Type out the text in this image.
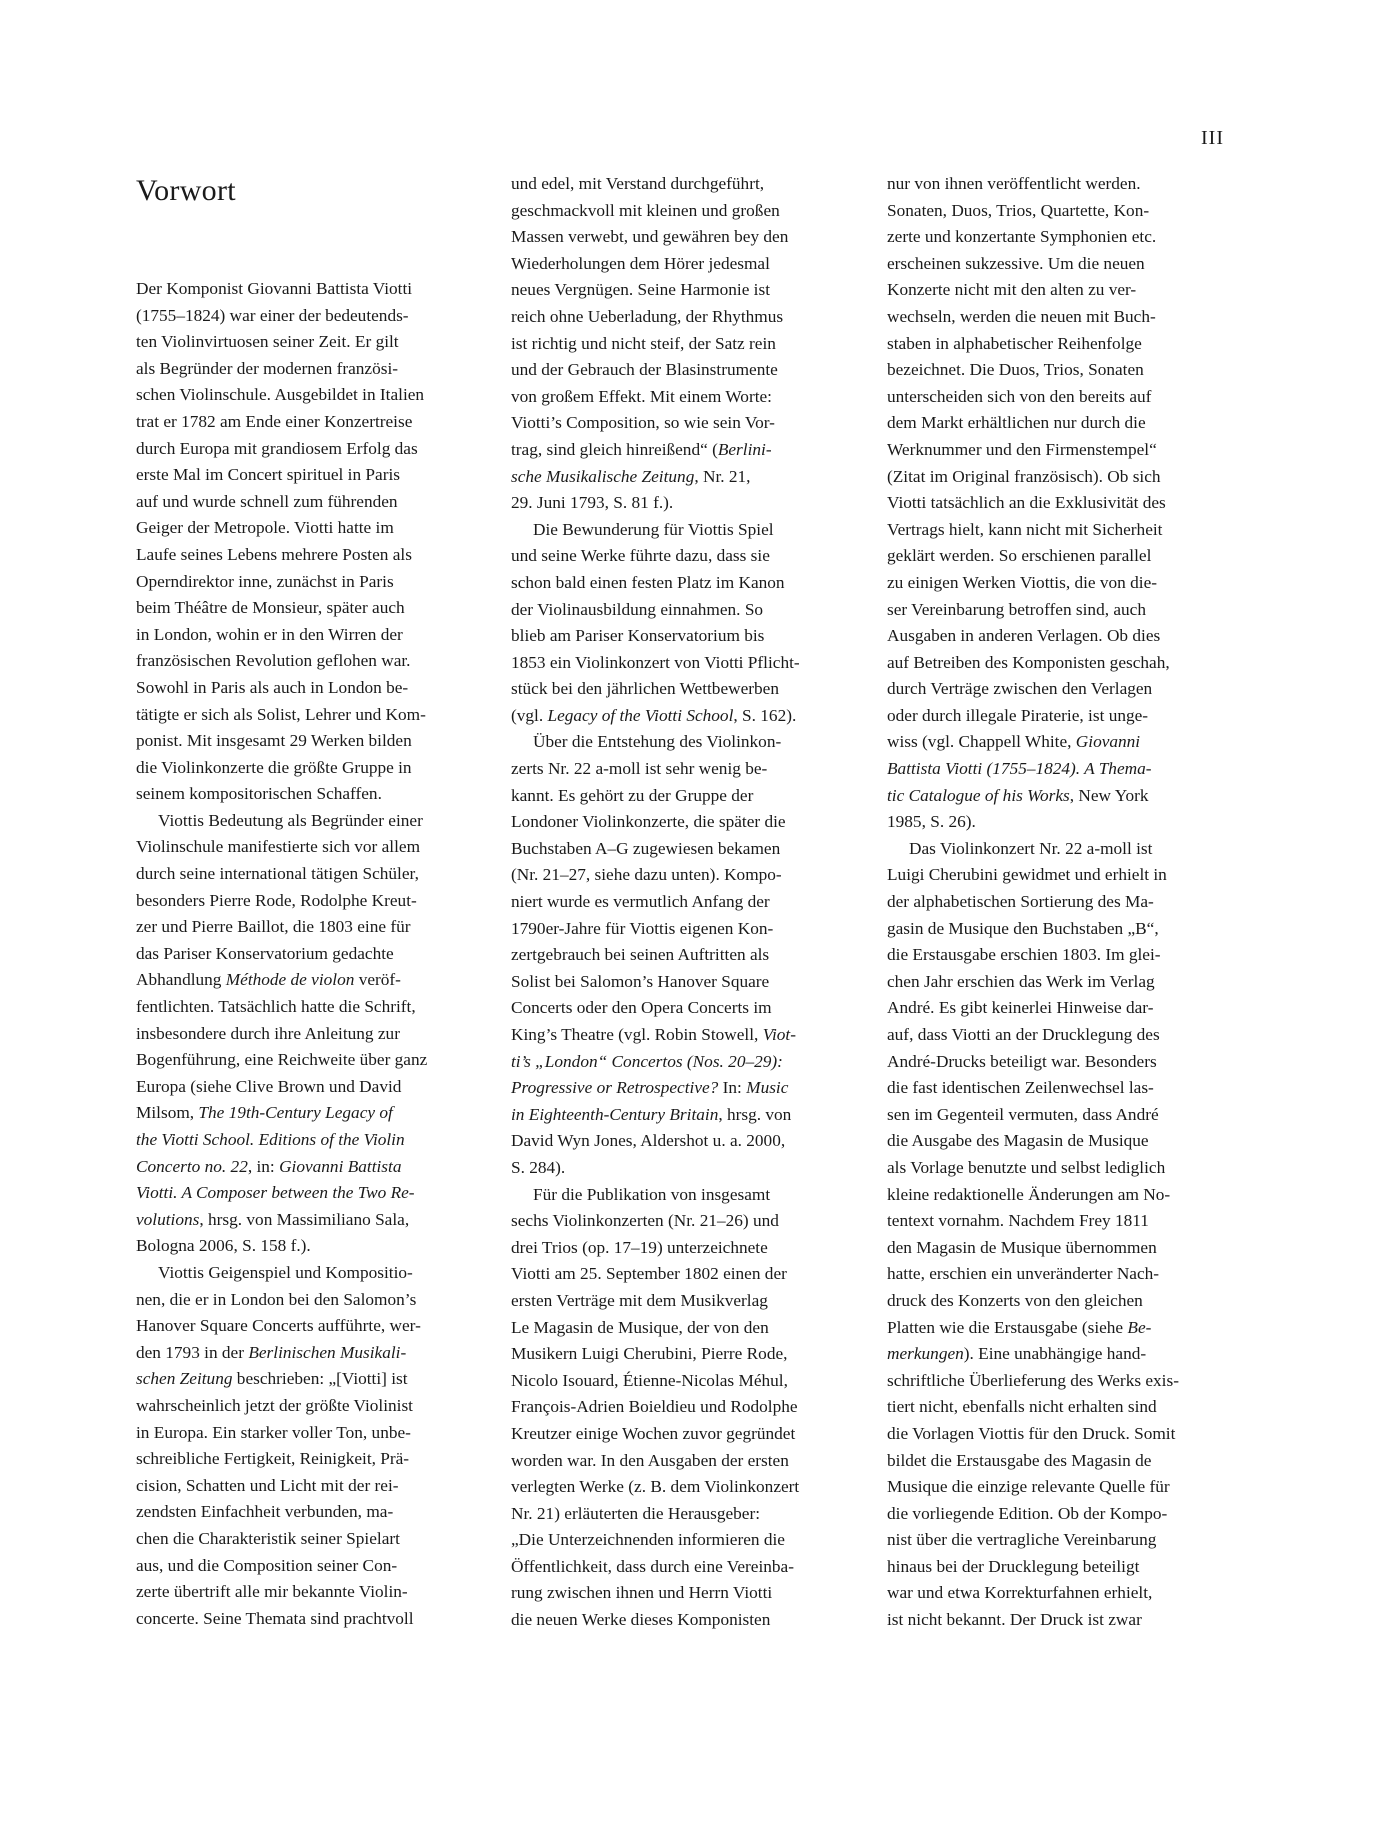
III
Vorwort
Der Komponist Giovanni Battista Viotti
(1755–1824) war einer der bedeutends-
ten Violinvirtuosen seiner Zeit. Er gilt
als Begründer der modernen französi-
schen Violinschule. Ausgebildet in Italien
trat er 1782 am Ende einer Konzertreise
durch Europa mit grandiosem Erfolg das
erste Mal im Concert spirituel in Paris
auf und wurde schnell zum führenden
Geiger der Metropole. Viotti hatte im
Laufe seines Lebens mehrere Posten als
Operndirektor inne, zunächst in Paris
beim Théâtre de Monsieur, später auch
in London, wohin er in den Wirren der
französischen Revolution geflohen war.
Sowohl in Paris als auch in London be-
tätigte er sich als Solist, Lehrer und Kom-
ponist. Mit insgesamt 29 Werken bilden
die Violinkonzerte die größte Gruppe in
seinem kompositorischen Schaffen.
Viottis Bedeutung als Begründer einer
Violinschule manifestierte sich vor allem
durch seine international tätigen Schüler,
besonders Pierre Rode, Rodolphe Kreut-
zer und Pierre Baillot, die 1803 eine für
das Pariser Konservatorium gedachte
Abhandlung Méthode de violon veröf-
fentlichten. Tatsächlich hatte die Schrift,
insbesondere durch ihre Anleitung zur
Bogenführung, eine Reichweite über ganz
Europa (siehe Clive Brown und David
Milsom, The 19th-Century Legacy of
the Viotti School. Editions of the Violin
Concerto no. 22, in: Giovanni Battista
Viotti. A Composer between the Two Re-
volutions, hrsg. von Massimiliano Sala,
Bologna 2006, S. 158 f.).
Viottis Geigenspiel und Kompositio-
nen, die er in London bei den Salomon’s
Hanover Square Concerts aufführte, wer-
den 1793 in der Berlinischen Musikali-
schen Zeitung beschrieben: „[Viotti] ist
wahrscheinlich jetzt der größte Violinist
in Europa. Ein starker voller Ton, unbe-
schreibliche Fertigkeit, Reinigkeit, Prä-
cision, Schatten und Licht mit der rei-
zendsten Einfachheit verbunden, ma-
chen die Charakteristik seiner Spielart
aus, und die Composition seiner Con-
zerte übertrift alle mir bekannte Violin-
concerte. Seine Themata sind prachtvoll
und edel, mit Verstand durchgeführt,
geschmackvoll mit kleinen und großen
Massen verwebt, und gewähren bey den
Wiederholungen dem Hörer jedesmal
neues Vergnügen. Seine Harmonie ist
reich ohne Ueberladung, der Rhythmus
ist richtig und nicht steif, der Satz rein
und der Gebrauch der Blasinstrumente
von großem Effekt. Mit einem Worte:
Viotti’s Composition, so wie sein Vor-
trag, sind gleich hinreißend“ (Berlini-
sche Musikalische Zeitung, Nr. 21,
29. Juni 1793, S. 81 f.).
Die Bewunderung für Viottis Spiel
und seine Werke führte dazu, dass sie
schon bald einen festen Platz im Kanon
der Violinausbildung einnahmen. So
blieb am Pariser Konservatorium bis
1853 ein Violinkonzert von Viotti Pflicht-
stück bei den jährlichen Wettbewerben
(vgl. Legacy of the Viotti School, S. 162).
Über die Entstehung des Violinkon-
zerts Nr. 22 a-moll ist sehr wenig be-
kannt. Es gehört zu der Gruppe der
Londoner Violinkonzerte, die später die
Buchstaben A–G zugewiesen bekamen
(Nr. 21–27, siehe dazu unten). Kompo-
niert wurde es vermutlich Anfang der
1790er-Jahre für Viottis eigenen Kon-
zertgebrauch bei seinen Auftritten als
Solist bei Salomon’s Hanover Square
Concerts oder den Opera Concerts im
King’s Theatre (vgl. Robin Stowell, Viot-
ti’s „London“ Concertos (Nos. 20–29):
Progressive or Retrospective? In: Music
in Eighteenth-Century Britain, hrsg. von
David Wyn Jones, Aldershot u. a. 2000,
S. 284).
Für die Publikation von insgesamt
sechs Violinkonzerten (Nr. 21–26) und
drei Trios (op. 17–19) unterzeichnete
Viotti am 25. September 1802 einen der
ersten Verträge mit dem Musikverlag
Le Magasin de Musique, der von den
Musikern Luigi Cherubini, Pierre Rode,
Nicolo Isouard, Étienne-Nicolas Méhul,
François-Adrien Boieldieu und Rodolphe
Kreutzer einige Wochen zuvor gegründet
worden war. In den Ausgaben der ersten
verlegten Werke (z. B. dem Violinkonzert
Nr. 21) erläuterten die Herausgeber:
„Die Unterzeichnenden informieren die
Öffentlichkeit, dass durch eine Vereinba-
rung zwischen ihnen und Herrn Viotti
die neuen Werke dieses Komponisten
nur von ihnen veröffentlicht werden.
Sonaten, Duos, Trios, Quartette, Kon-
zerte und konzertante Symphonien etc.
erscheinen sukzessive. Um die neuen
Konzerte nicht mit den alten zu ver-
wechseln, werden die neuen mit Buch-
staben in alphabetischer Reihenfolge
bezeichnet. Die Duos, Trios, Sonaten
unterscheiden sich von den bereits auf
dem Markt erhältlichen nur durch die
Werknummer und den Firmenstempel“
(Zitat im Original französisch). Ob sich
Viotti tatsächlich an die Exklusivität des
Vertrags hielt, kann nicht mit Sicherheit
geklärt werden. So erschienen parallel
zu einigen Werken Viottis, die von die-
ser Vereinbarung betroffen sind, auch
Ausgaben in anderen Verlagen. Ob dies
auf Betreiben des Komponisten geschah,
durch Verträge zwischen den Verlagen
oder durch illegale Piraterie, ist unge-
wiss (vgl. Chappell White, Giovanni
Battista Viotti (1755–1824). A Thema-
tic Catalogue of his Works, New York
1985, S. 26).
Das Violinkonzert Nr. 22 a-moll ist
Luigi Cherubini gewidmet und erhielt in
der alphabetischen Sortierung des Ma-
gasin de Musique den Buchstaben „B“,
die Erstausgabe erschien 1803. Im glei-
chen Jahr erschien das Werk im Verlag
André. Es gibt keinerlei Hinweise dar-
auf, dass Viotti an der Drucklegung des
André-Drucks beteiligt war. Besonders
die fast identischen Zeilenwechsel las-
sen im Gegenteil vermuten, dass André
die Ausgabe des Magasin de Musique
als Vorlage benutzte und selbst lediglich
kleine redaktionelle Änderungen am No-
tentext vornahm. Nachdem Frey 1811
den Magasin de Musique übernommen
hatte, erschien ein unveränderter Nach-
druck des Konzerts von den gleichen
Platten wie die Erstausgabe (siehe Be-
merkungen). Eine unabhängige hand-
schriftliche Überlieferung des Werks exis-
tiert nicht, ebenfalls nicht erhalten sind
die Vorlagen Viottis für den Druck. Somit
bildet die Erstausgabe des Magasin de
Musique die einzige relevante Quelle für
die vorliegende Edition. Ob der Kompo-
nist über die vertragliche Vereinbarung
hinaus bei der Drucklegung beteiligt
war und etwa Korrekturfahnen erhielt,
ist nicht bekannt. Der Druck ist zwar
